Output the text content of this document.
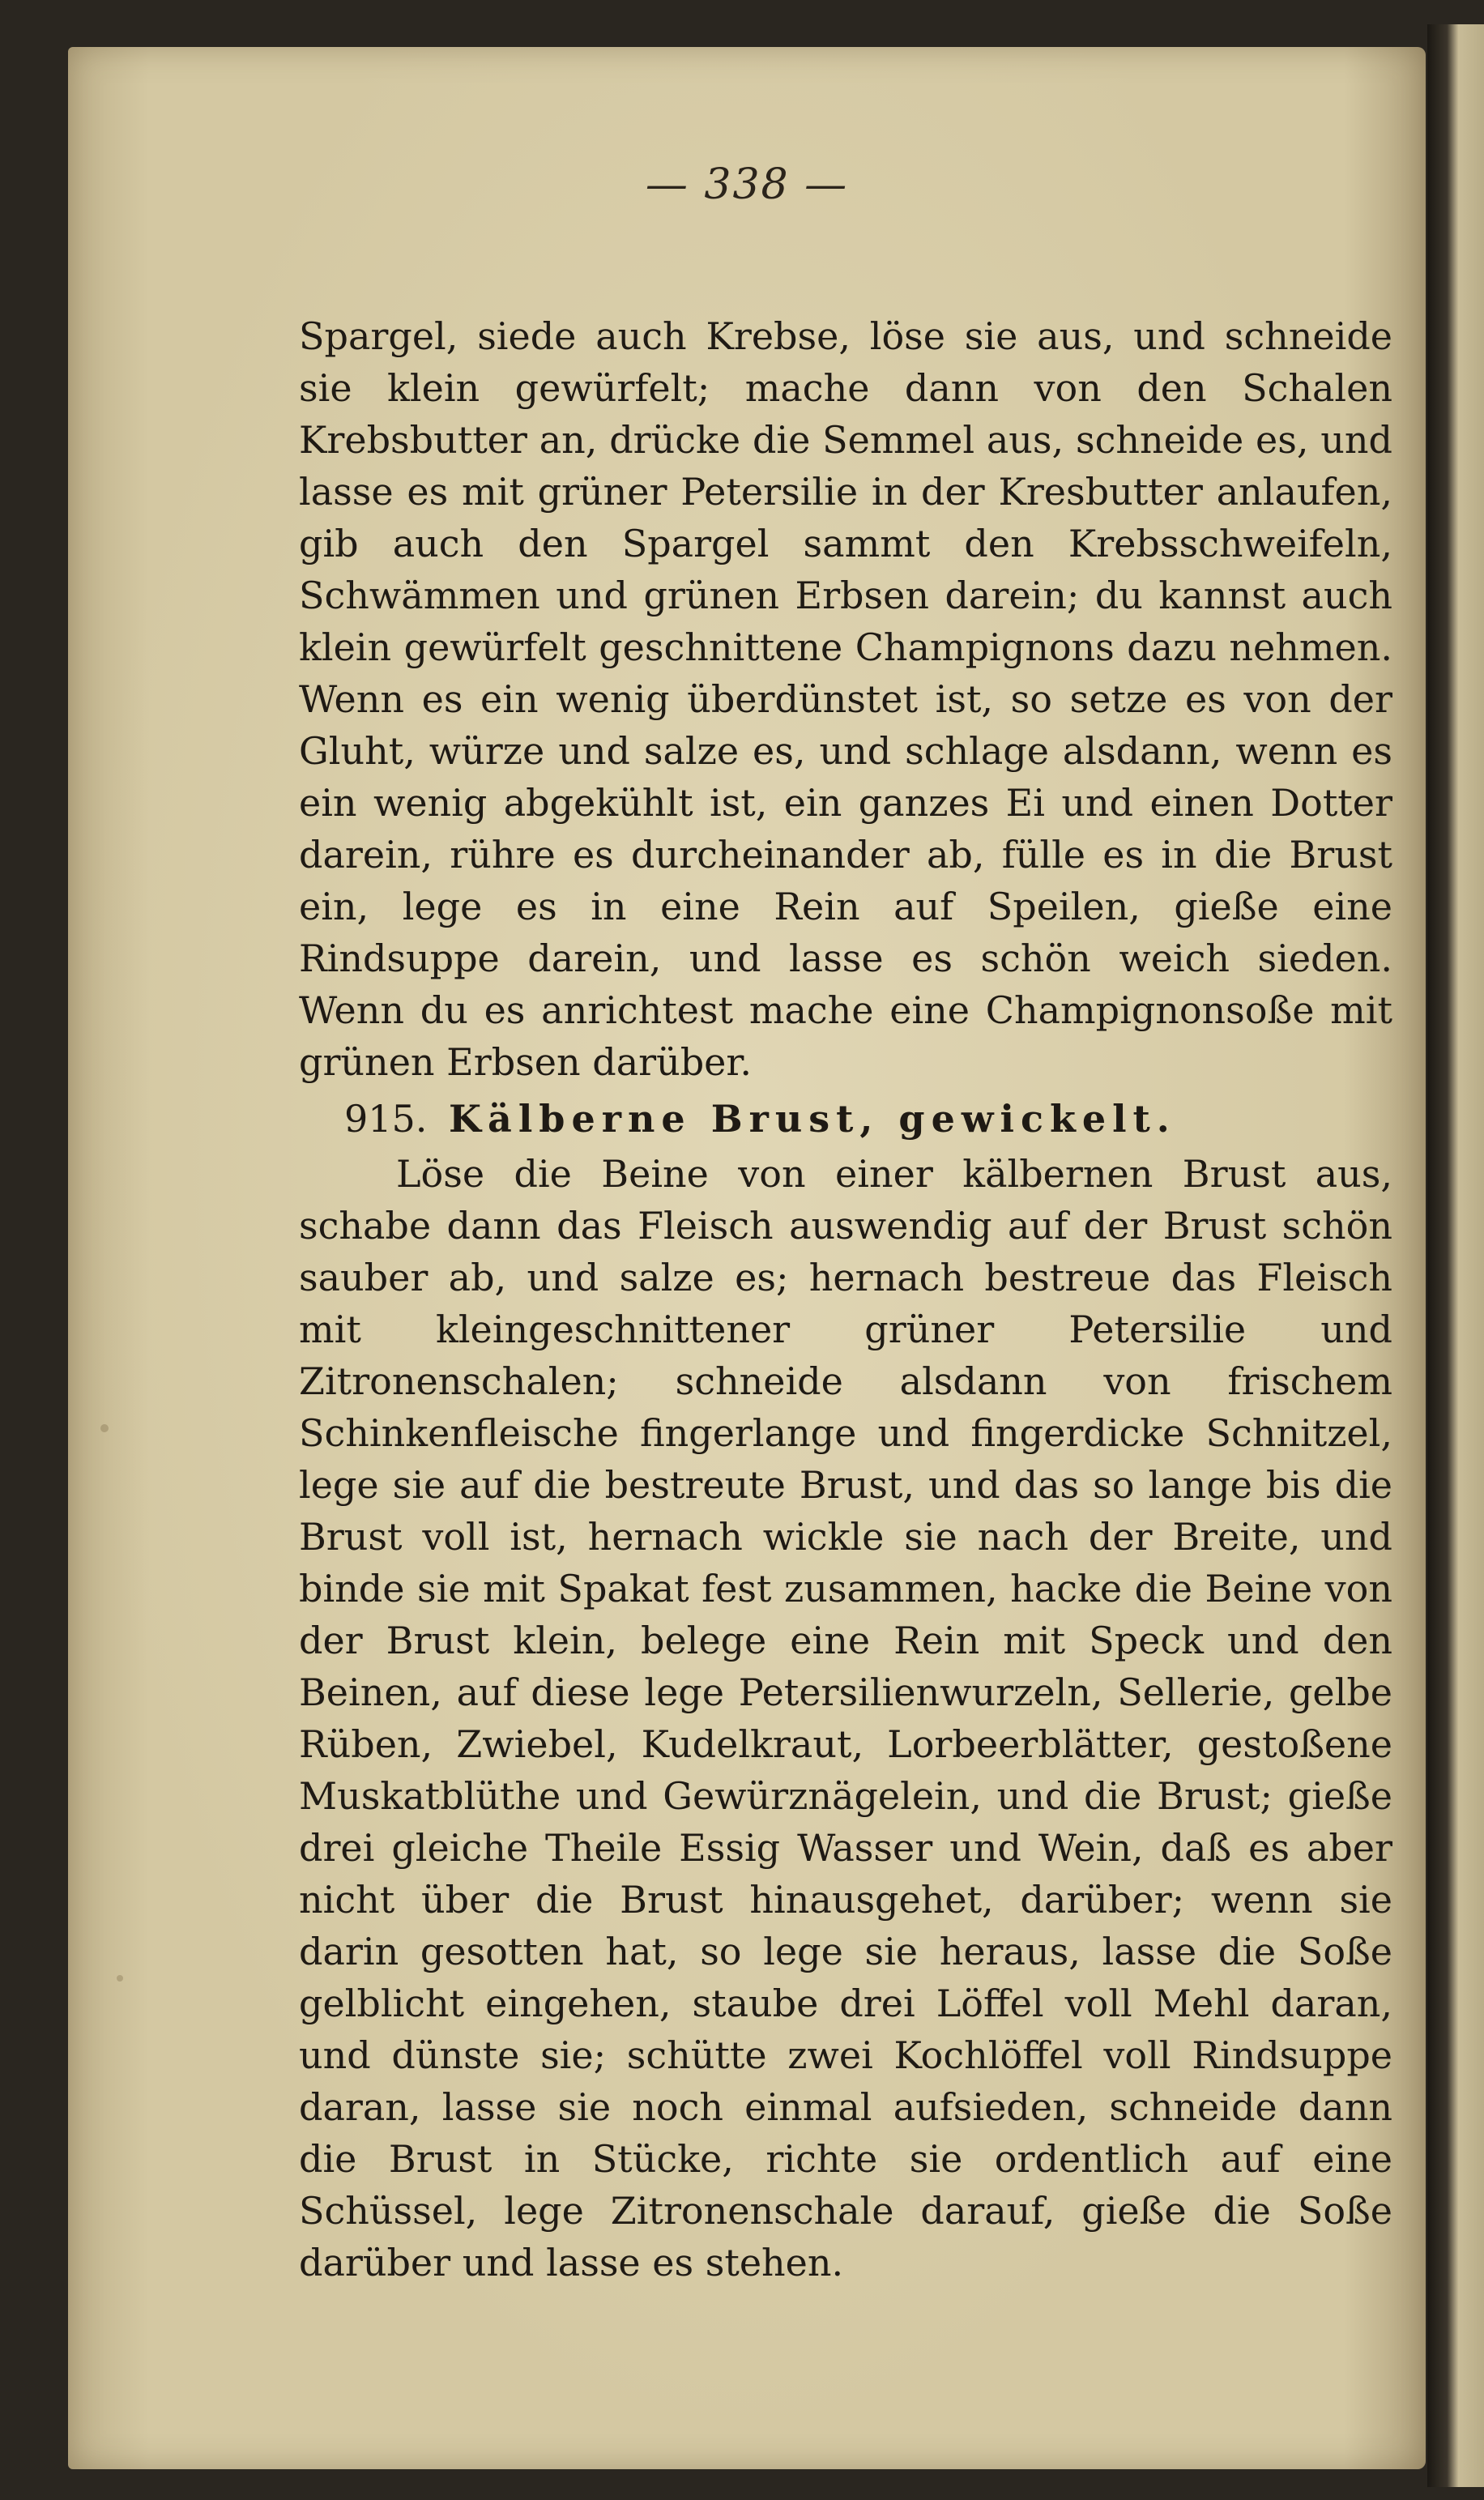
— 338 —

Spargel, siede auch Krebse, löse sie aus, und schneide sie klein gewürfelt; mache dann von den Schalen Krebsbutter an, drücke die Semmel aus, schneide es, und lasse es mit grüner Petersilie in der Kresbutter anlaufen, gib auch den Spargel sammt den Krebsschweifeln, Schwämmen und grünen Erbsen darein; du kannst auch klein gewürfelt geschnittene Champignons dazu nehmen. Wenn es ein wenig überdünstet ist, so setze es von der Gluht, würze und salze es, und schlage alsdann, wenn es ein wenig abgekühlt ist, ein ganzes Ei und einen Dotter darein, rühre es durcheinander ab, fülle es in die Brust ein, lege es in eine Rein auf Speilen, gieße eine Rindsuppe darein, und lasse es schön weich sieden. Wenn du es anrichtest mache eine Champignonsoße mit grünen Erbsen darüber.

915. Kälberne Brust, gewickelt.

Löse die Beine von einer kälbernen Brust aus, schabe dann das Fleisch auswendig auf der Brust schön sauber ab, und salze es; hernach bestreue das Fleisch mit kleingeschnittener grüner Petersilie und Zitronenschalen; schneide alsdann von frischem Schinkenfleische fingerlange und fingerdicke Schnitzel, lege sie auf die bestreute Brust, und das so lange bis die Brust voll ist, hernach wickle sie nach der Breite, und binde sie mit Spakat fest zusammen, hacke die Beine von der Brust klein, belege eine Rein mit Speck und den Beinen, auf diese lege Petersilienwurzeln, Sellerie, gelbe Rüben, Zwiebel, Kudelkraut, Lorbeerblätter, gestoßene Muskatblüthe und Gewürznägelein, und die Brust; gieße drei gleiche Theile Essig Wasser und Wein, daß es aber nicht über die Brust hinausgehet, darüber; wenn sie darin gesotten hat, so lege sie heraus, lasse die Soße gelblicht eingehen, staube drei Löffel voll Mehl daran, und dünste sie; schütte zwei Kochlöffel voll Rindsuppe daran, lasse sie noch einmal aufsieden, schneide dann die Brust in Stücke, richte sie ordentlich auf eine Schüssel, lege Zitronenschale darauf, gieße die Soße darüber und lasse es stehen.
